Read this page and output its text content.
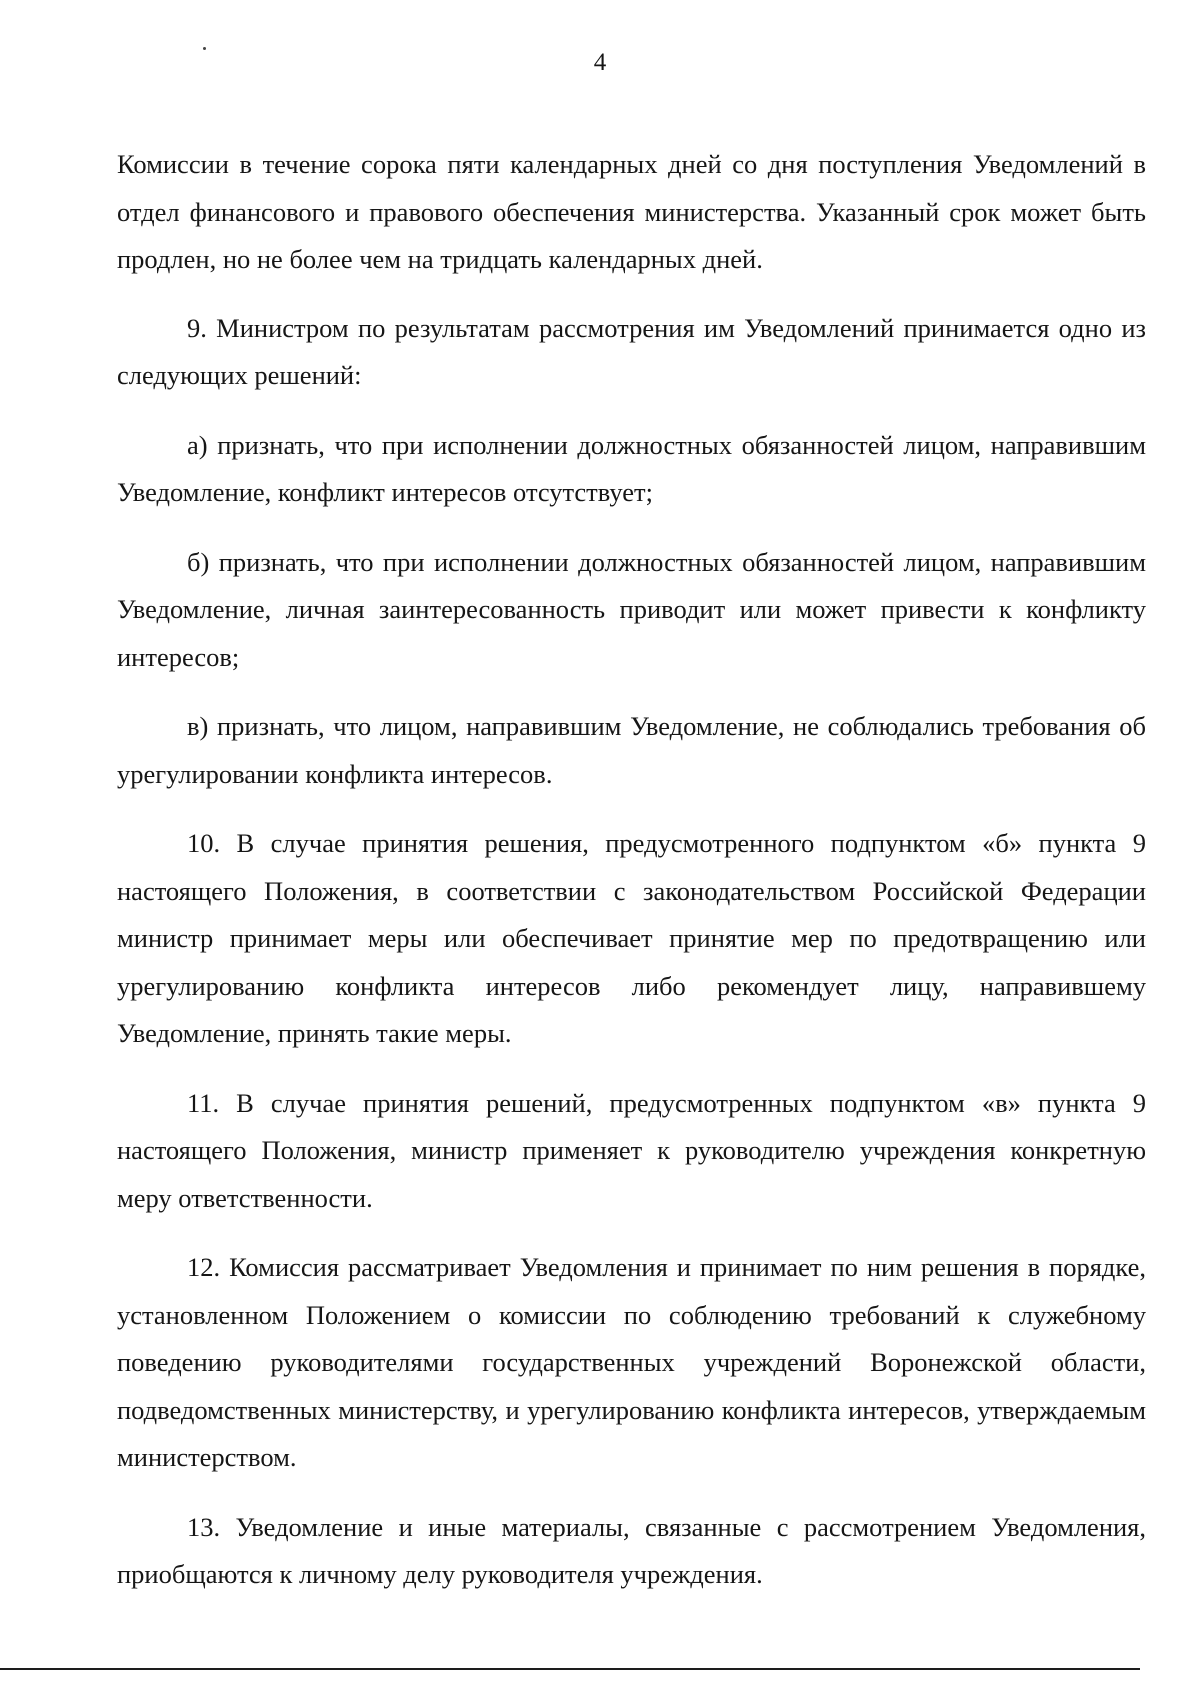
4

Комиссии в течение сорока пяти календарных дней со дня поступления Уведомлений в отдел финансового и правового обеспечения министерства. Указанный срок может быть продлен, но не более чем на тридцать календарных дней.

9. Министром по результатам рассмотрения им Уведомлений принимается одно из следующих решений:

а) признать, что при исполнении должностных обязанностей лицом, направившим Уведомление, конфликт интересов отсутствует;

б) признать, что при исполнении должностных обязанностей лицом, направившим Уведомление, личная заинтересованность приводит или может привести к конфликту интересов;

в) признать, что лицом, направившим Уведомление, не соблюдались требования об урегулировании конфликта интересов.

10. В случае принятия решения, предусмотренного подпунктом «б» пункта 9 настоящего Положения, в соответствии с законодательством Российской Федерации министр принимает меры или обеспечивает принятие мер по предотвращению или урегулированию конфликта интересов либо рекомендует лицу, направившему Уведомление, принять такие меры.

11. В случае принятия решений, предусмотренных подпунктом «в» пункта 9 настоящего Положения, министр применяет к руководителю учреждения конкретную меру ответственности.

12. Комиссия рассматривает Уведомления и принимает по ним решения в порядке, установленном Положением о комиссии по соблюдению требований к служебному поведению руководителями государственных учреждений Воронежской области, подведомственных министерству, и урегулированию конфликта интересов, утверждаемым министерством.

13. Уведомление и иные материалы, связанные с рассмотрением Уведомления, приобщаются к личному делу руководителя учреждения.
